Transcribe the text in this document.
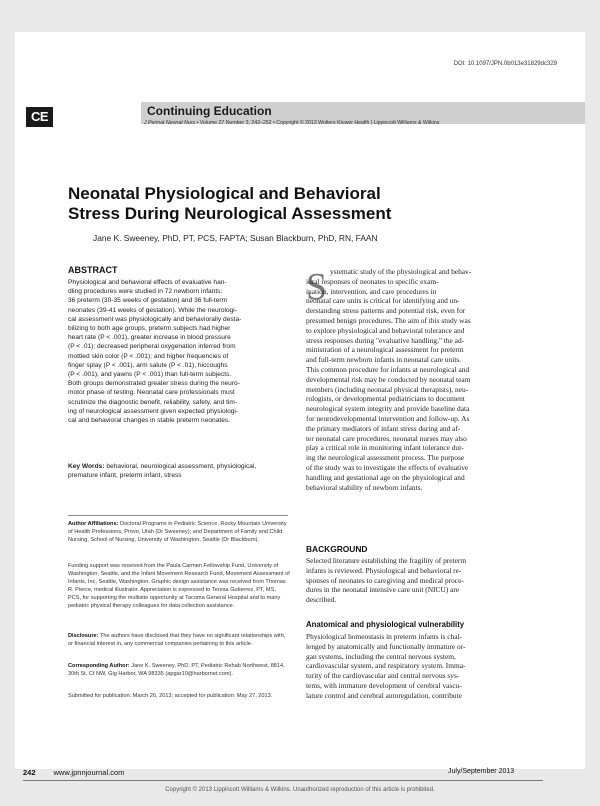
DOI: 10.1097/JPN.0b013e31829dc329
CE	Continuing Education
J Perinat Neonat Nurs • Volume 27 Number 3, 242–252 • Copyright © 2013 Wolters Kluwer Health | Lippincott Williams & Wilkins
Neonatal Physiological and Behavioral
Stress During Neurological Assessment
Jane K. Sweeney, PhD, PT, PCS, FAPTA; Susan Blackburn, PhD, RN, FAAN
ABSTRACT
Physiological and behavioral effects of evaluative han-
dling procedures were studied in 72 newborn infants:
36 preterm (30-35 weeks of gestation) and 36 full-term
neonates (39-41 weeks of gestation). While the neurologi-
cal assessment was physiologically and behaviorally desta-
bilizing to both age groups, preterm subjects had higher
heart rate (P < .001), greater increase in blood pressure
(P < .01); decreased peripheral oxygenation inferred from
mottled skin color (P < .001); and higher frequencies of
finger splay (P < .001), arm salute (P < .01), hiccoughs
(P < .001), and yawns (P < .001) than full-term subjects.
Both groups demonstrated greater stress during the neuro-
motor phase of testing. Neonatal care professionals must
scrutinize the diagnostic benefit, reliability, safety, and tim-
ing of neurological assessment given expected physiologi-
cal and behavioral changes in stable preterm neonates.
Key Words: behavioral, neurological assessment, physiological, premature infant, preterm infant, stress
Author Affiliations: Doctoral Programs in Pediatric Science, Rocky Mountain University of Health Professions, Provo, Utah (Dr Sweeney); and Department of Family and Child Nursing, School of Nursing, University of Washington, Seattle (Dr Blackburn).
Funding support was received from the Paula Carmen Fellowship Fund, University of Washington, Seattle, and the Infant Movement Research Fund, Movement Assessment of Infants, Inc, Seattle, Washington. Graphic design assistance was received from Thomas R. Pierce, medical illustrator. Appreciation is expressed to Teresa Gutierrez, PT, MS, PCS, for supporting the multisite opportunity at Tacoma General Hospital and to many pediatric physical therapy colleagues for data collection assistance.
Disclosure: The authors have disclosed that they have no significant relationships with, or financial interest in, any commercial companies pertaining to this article.
Corresponding Author: Jane K. Sweeney, PhD, PT, Pediatric Rehab Northwest, 8814, 30th St, Ct NW, Gig Harbor, WA 98335 (apgar10@harbornet.com).
Submitted for publication: March 26, 2013; accepted for publication: May 27, 2013.
S ystematic study of the physiological and behav-
ioral responses of neonates to specific exam-
ination, intervention, and care procedures in
neonatal care units is critical for identifying and un-
derstanding stress patterns and potential risk, even for
presumed benign procedures. The aim of this study was
to explore physiological and behavioral tolerance and
stress responses during "evaluative handling," the ad-
ministration of a neurological assessment for preterm
and full-term newborn infants in neonatal care units.
This common procedure for infants at neurological and
developmental risk may be conducted by neonatal team
members (including neonatal physical therapists), neu-
rologists, or developmental pediatricians to document
neurological system integrity and provide baseline data
for neurodevelopmental intervention and follow-up. As
the primary mediators of infant stress during and af-
ter neonatal care procedures, neonatal nurses may also
play a critical role in monitoring infant tolerance dur-
ing the neurological assessment process. The purpose
of the study was to investigate the effects of evaluative
handling and gestational age on the physiological and
behavioral stability of newborn infants.
BACKGROUND
Selected literature establishing the fragility of preterm
infants is reviewed. Physiological and behavioral re-
sponses of neonates to caregiving and medical proce-
dures in the neonatal intensive care unit (NICU) are
described.
Anatomical and physiological vulnerability
Physiological homeostasis in preterm infants is chal-
lenged by anatomically and functionally immature or-
gan systems, including the central nervous system,
cardiovascular system, and respiratory system. Imma-
turity of the cardiovascular and central nervous sys-
tems, with immature development of cerebral vascu-
lature control and cerebral autoregulation, contribute
242 www.jpnnjournal.com	July/September 2013
Copyright © 2013 Lippincott Williams & Wilkins. Unauthorized reproduction of this article is prohibited.
